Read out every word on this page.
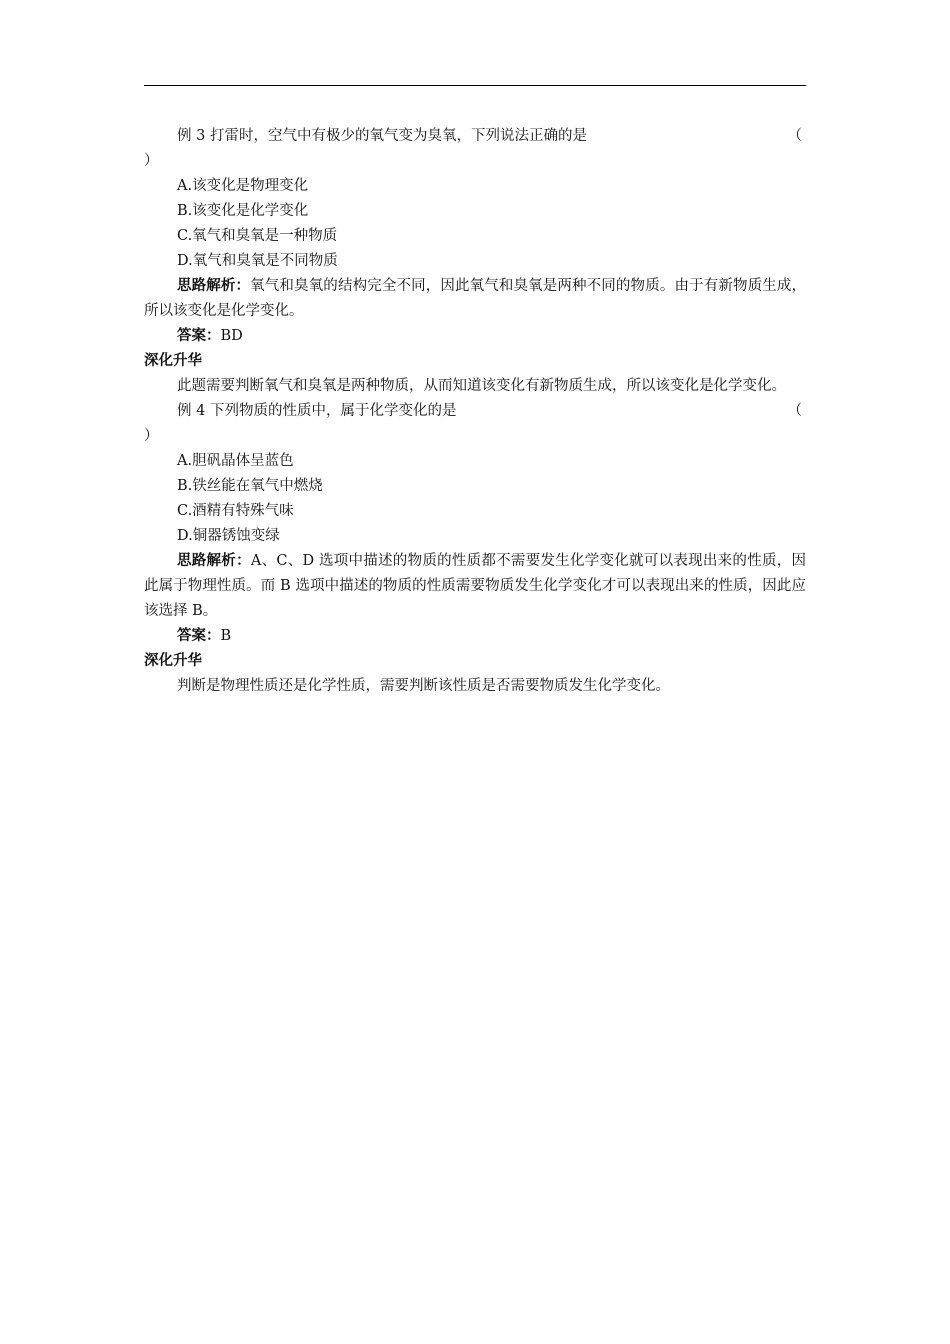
例 3 打雷时，空气中有极少的氧气变为臭氧，下列说法正确的是	（
）
A.该变化是物理变化
B.该变化是化学变化
C.氧气和臭氧是一种物质
D.氧气和臭氧是不同物质
思路解析：氧气和臭氧的结构完全不同，因此氧气和臭氧是两种不同的物质。由于有新物质生成，所以该变化是化学变化。
答案：BD
深化升华
此题需要判断氧气和臭氧是两种物质，从而知道该变化有新物质生成，所以该变化是化学变化。
例 4 下列物质的性质中，属于化学变化的是	（
）
A.胆矾晶体呈蓝色
B.铁丝能在氧气中燃烧
C.酒精有特殊气味
D.铜器锈蚀变绿
思路解析：A、C、D 选项中描述的物质的性质都不需要发生化学变化就可以表现出来的性质，因此属于物理性质。而 B 选项中描述的物质的性质需要物质发生化学变化才可以表现出来的性质，因此应该选择 B。
答案：B
深化升华
判断是物理性质还是化学性质，需要判断该性质是否需要物质发生化学变化。
